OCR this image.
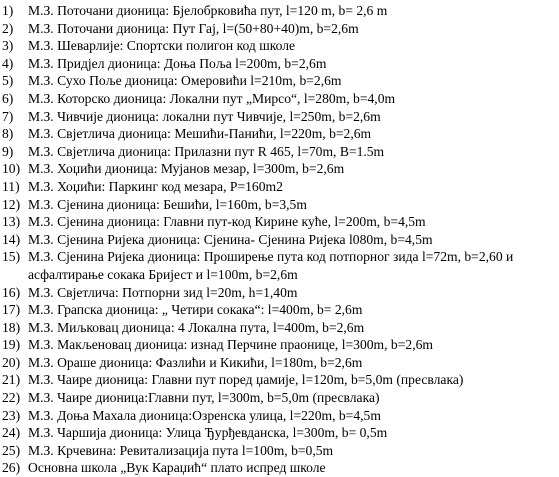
1)	М.З. Поточани дионица: Бјелобрковића пут, l=120 m, b= 2,6 m
2)	М.З. Поточани дионица: Пут Гај, l=(50+80+40)m, b=2,6m
3)	М.З. Шеварлије: Спортски полигон код школе
4)	М.З. Придјел дионица: Доња Поља l=200m, b=2,6m
5)	М.З. Сухо Поље дионица: Омеровићи l=210m, b=2,6m
6)	М.З. Которско дионица: Локални пут „Мирсо“, l=280m, b=4,0m
7)	М.З. Чивчије дионица: локални пут Чивчије, l=250m, b=2,6m
8)	М.З. Свјетлича дионица: Мешићи-Панићи, l=220m, b=2,6m
9)	М.З. Свјетлича дионица: Прилазни пут R 465, l=70m, B=1.5m
10) М.З. Хоџићи дионица: Мујанов мезар, l=300m, b=2,6m
11) М.З. Хоџићи: Паркинг код мезара, P=160m2
12) М.З. Сјенина дионица: Бешићи, l=160m, b=3,5m
13) М.З. Сјенина дионица: Главни пут-код Кирине куће, l=200m, b=4,5m
14) М.З. Сјенина Ријека дионица: Сјенина- Сјенина Ријека l080m, b=4,5m
15) М.З. Сјенина Ријека дионица: Проширење пута код потпорног зида l=72m, b=2,60 и
асфалтирање сокака Бријест и l=100m, b=2,6m
16) М.З. Свјетлича: Потпорни зид l=20m, h=1,40m
17) М.З. Грапска дионица: „ Четири сокака“: l=400m, b= 2,6m
18) М.З. Миљковац дионица: 4 Локална пута, l=400m, b=2,6m
19) М.З. Макљеновац дионица: изнад Перчине праонице, l=300m, b=2,6m
20) М.З. Ораше дионица: Фазлићи и Кикићи, l=180m, b=2,6m
21) М.З. Чаире дионица: Главни пут поред џамије, l=120m, b=5,0m (пресвлака)
22) М.З. Чаире дионица:Главни пут, l=300m, b=5,0m (пресвлака)
23) М.З. Доња Махала дионица:Озренска улица, l=220m, b=4,5m
24) М.З. Чаршија дионица: Улица Ђурђевданска, l=300m, b= 0,5m
25) М.З. Крчевина: Ревитализација пута l=100m, b=0,5m
26) Основна школа „Вук Караџић“ плато испред школе
